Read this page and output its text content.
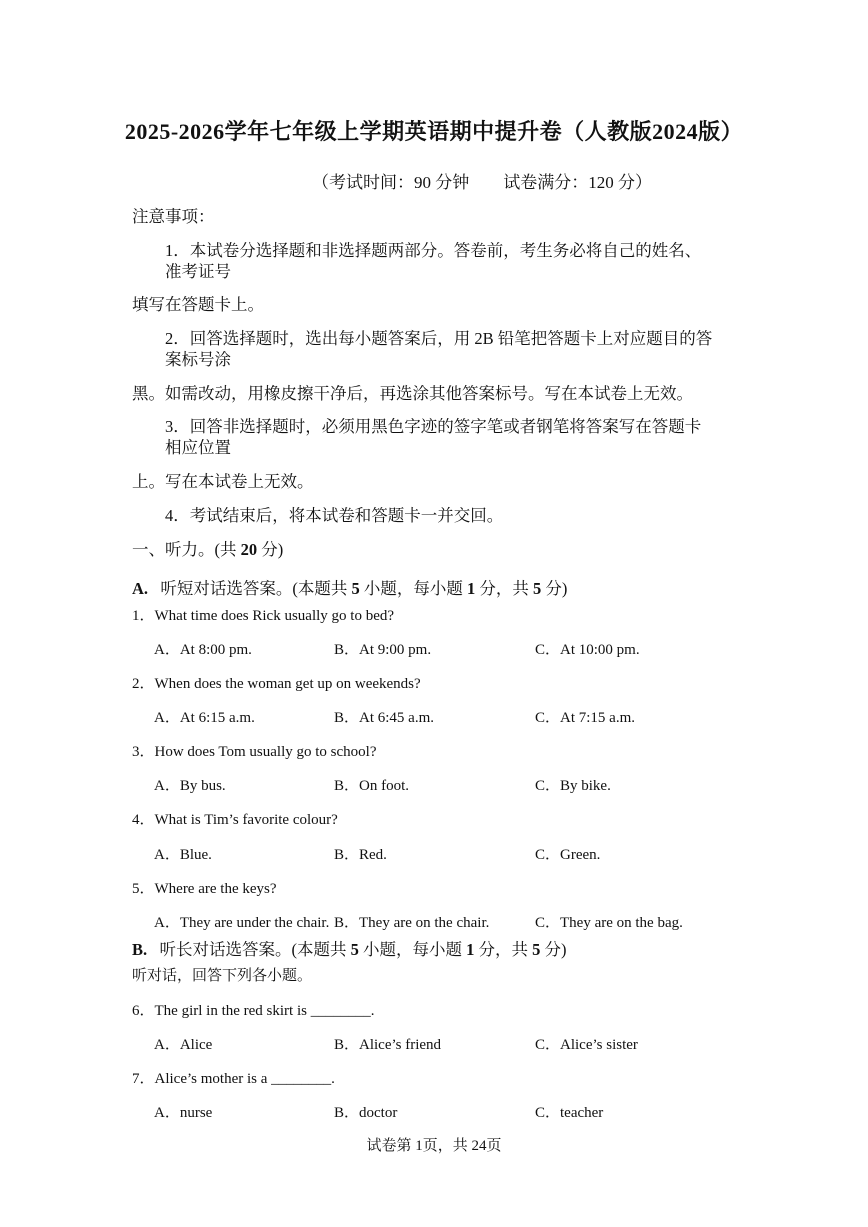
2025-2026学年七年级上学期英语期中提升卷（人教版2024版）
（考试时间：90 分钟　　试卷满分：120 分）
注意事项：
1．本试卷分选择题和非选择题两部分。答卷前，考生务必将自己的姓名、
准考证号
填写在答题卡上。
2．回答选择题时，选出每小题答案后，用 2B 铅笔把答题卡上对应题目的答
案标号涂
黑。如需改动，用橡皮擦干净后，再选涂其他答案标号。写在本试卷上无效。
3．回答非选择题时，必须用黑色字迹的签字笔或者钢笔将答案写在答题卡
相应位置
上。写在本试卷上无效。
4．考试结束后，将本试卷和答题卡一并交回。
一、听力。(共 20 分)
A. 听短对话选答案。(本题共 5 小题，每小题 1 分，共 5 分)
1．What time does Rick usually go to bed?
A．At 8:00 pm.	B．At 9:00 pm.	C．At 10:00 pm.
2．When does the woman get up on weekends?
A．At 6:15 a.m.	B．At 6:45 a.m.	C．At 7:15 a.m.
3．How does Tom usually go to school?
A．By bus.	B．On foot.	C．By bike.
4．What is Tim’s favorite colour?
A．Blue.	B．Red.	C．Green.
5．Where are the keys?
A．They are under the chair. B．They are on the chair.	C．They are on the bag.
B. 听长对话选答案。(本题共 5 小题，每小题 1 分，共 5 分)
听对话，回答下列各小题。
6．The girl in the red skirt is ________.
A．Alice	B．Alice’s friend	C．Alice’s sister
7．Alice’s mother is a ________.
A．nurse	B．doctor	C．teacher
试卷第 1页，共 24页
